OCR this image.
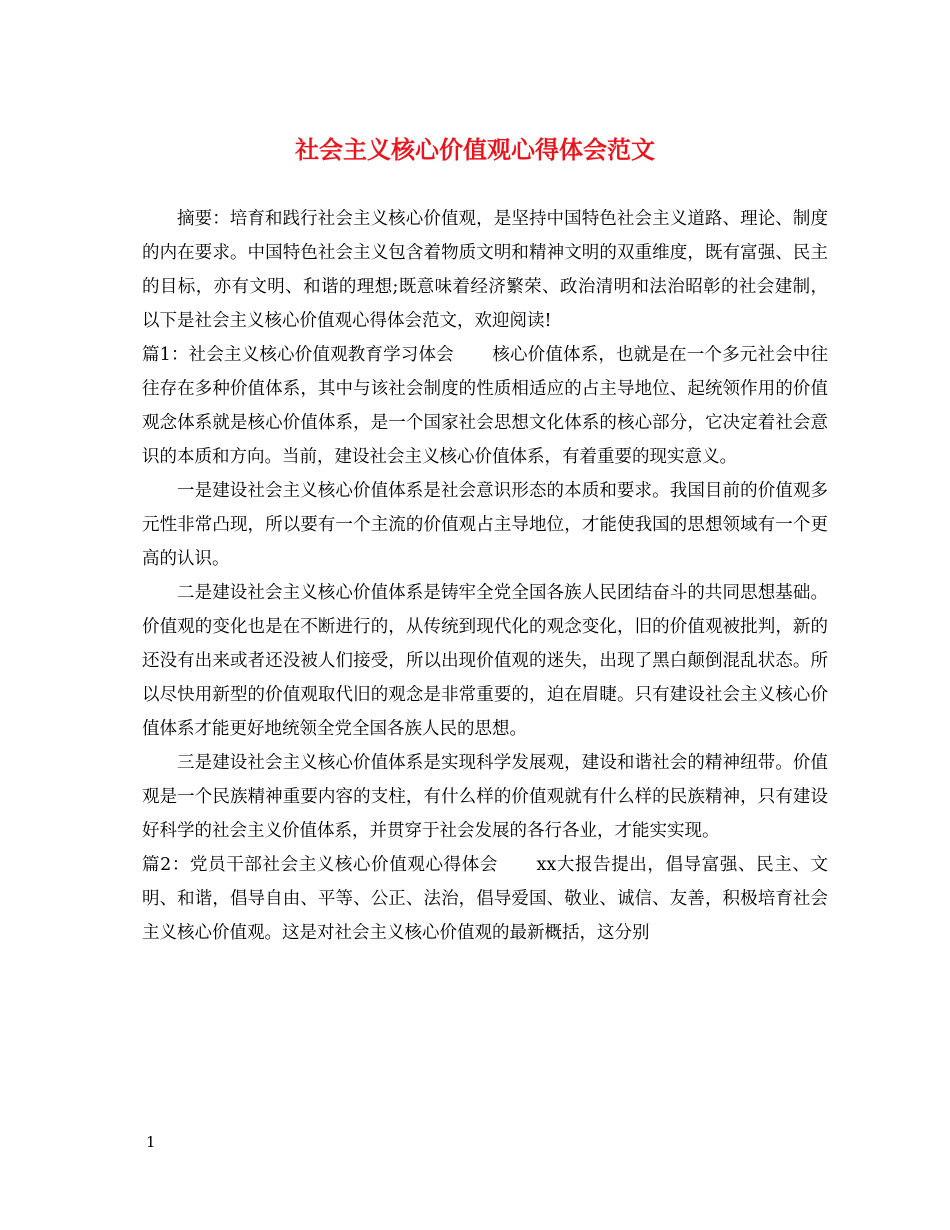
社会主义核心价值观心得体会范文

摘要：培育和践行社会主义核心价值观，是坚持中国特色社会主义道路、理论、制度的内在要求。中国特色社会主义包含着物质文明和精神文明的双重维度，既有富强、民主的目标，亦有文明、和谐的理想;既意味着经济繁荣、政治清明和法治昭彰的社会建制，以下是社会主义核心价值观心得体会范文，欢迎阅读!

篇1：社会主义核心价值观教育学习体会 核心价值体系，也就是在一个多元社会中往往存在多种价值体系，其中与该社会制度的性质相适应的占主导地位、起统领作用的价值观念体系就是核心价值体系，是一个国家社会思想文化体系的核心部分，它决定着社会意识的本质和方向。当前，建设社会主义核心价值体系，有着重要的现实意义。

一是建设社会主义核心价值体系是社会意识形态的本质和要求。我国目前的价值观多元性非常凸现，所以要有一个主流的价值观占主导地位，才能使我国的思想领域有一个更高的认识。

二是建设社会主义核心价值体系是铸牢全党全国各族人民团结奋斗的共同思想基础。价值观的变化也是在不断进行的，从传统到现代化的观念变化，旧的价值观被批判，新的还没有出来或者还没被人们接受，所以出现价值观的迷失，出现了黑白颠倒混乱状态。所以尽快用新型的价值观取代旧的观念是非常重要的，迫在眉睫。只有建设社会主义核心价值体系才能更好地统领全党全国各族人民的思想。

三是建设社会主义核心价值体系是实现科学发展观，建设和谐社会的精神纽带。价值观是一个民族精神重要内容的支柱，有什么样的价值观就有什么样的民族精神，只有建设好科学的社会主义价值体系，并贯穿于社会发展的各行各业，才能实实现。

篇2：党员干部社会主义核心价值观心得体会 xx大报告提出，倡导富强、民主、文明、和谐，倡导自由、平等、公正、法治，倡导爱国、敬业、诚信、友善，积极培育社会主义核心价值观。这是对社会主义核心价值观的最新概括，这分别

1
